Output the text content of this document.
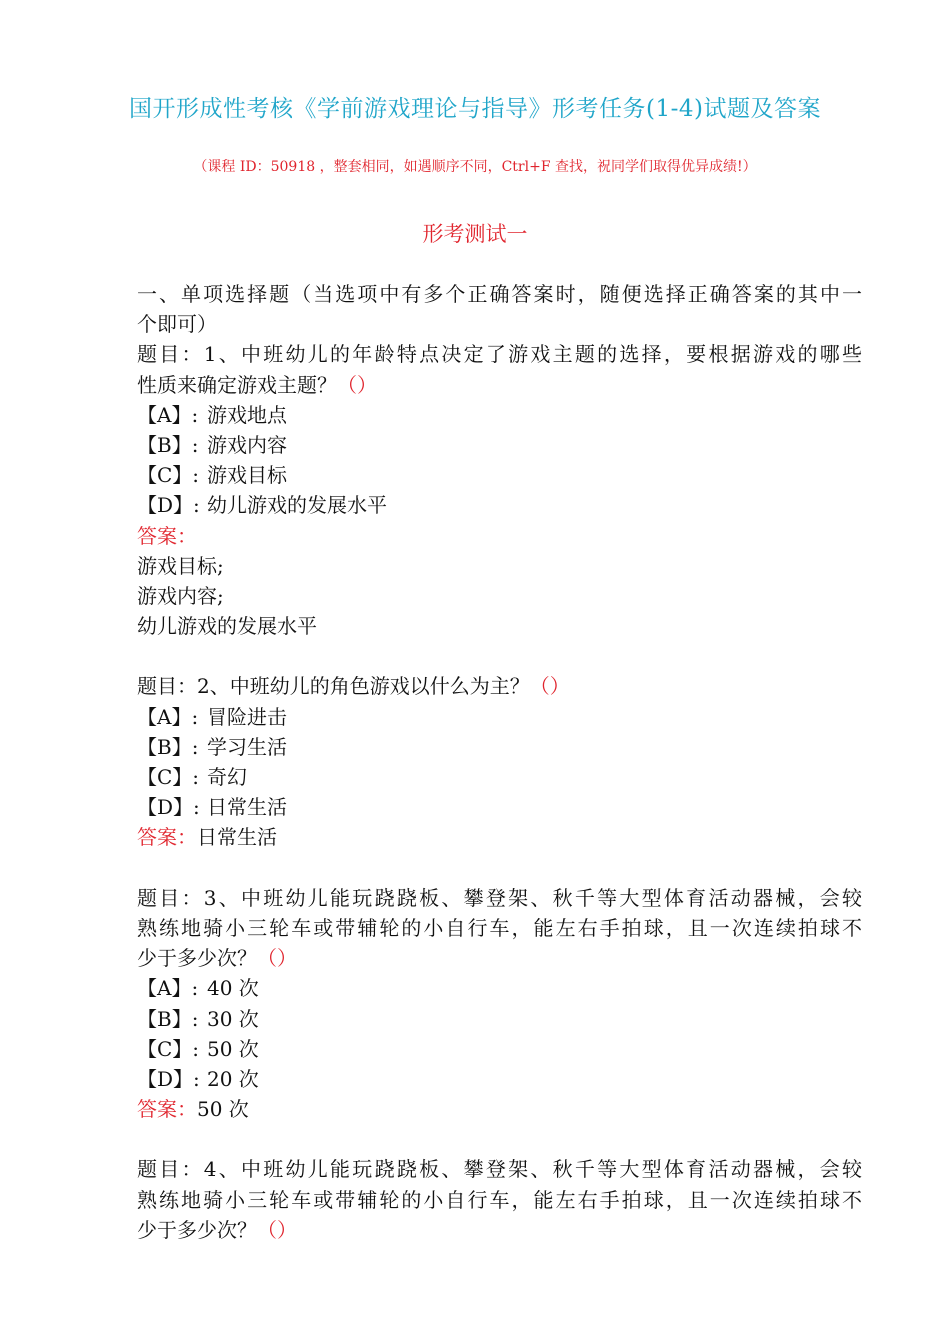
国开形成性考核《学前游戏理论与指导》形考任务(1-4)试题及答案
（课程 ID：50918 ，整套相同，如遇顺序不同，Ctrl+F 查找，祝同学们取得优异成绩!）
形考测试一
一、单项选择题（当选项中有多个正确答案时，随便选择正确答案的其中一
个即可）
题目：1、中班幼儿的年龄特点决定了游戏主题的选择，要根据游戏的哪些
性质来确定游戏主题？（）
【A】: 游戏地点
【B】: 游戏内容
【C】: 游戏目标
【D】: 幼儿游戏的发展水平
答案：
游戏目标;
游戏内容;
幼儿游戏的发展水平
题目：2、中班幼儿的角色游戏以什么为主？（）
【A】: 冒险进击
【B】: 学习生活
【C】: 奇幻
【D】: 日常生活
答案：日常生活
题目：3、中班幼儿能玩跷跷板、攀登架、秋千等大型体育活动器械，会较
熟练地骑小三轮车或带辅轮的小自行车，能左右手拍球，且一次连续拍球不
少于多少次？（）
【A】: 40 次
【B】: 30 次
【C】: 50 次
【D】: 20 次
答案：50 次
题目：4、中班幼儿能玩跷跷板、攀登架、秋千等大型体育活动器械，会较
熟练地骑小三轮车或带辅轮的小自行车，能左右手拍球，且一次连续拍球不
少于多少次？（）
